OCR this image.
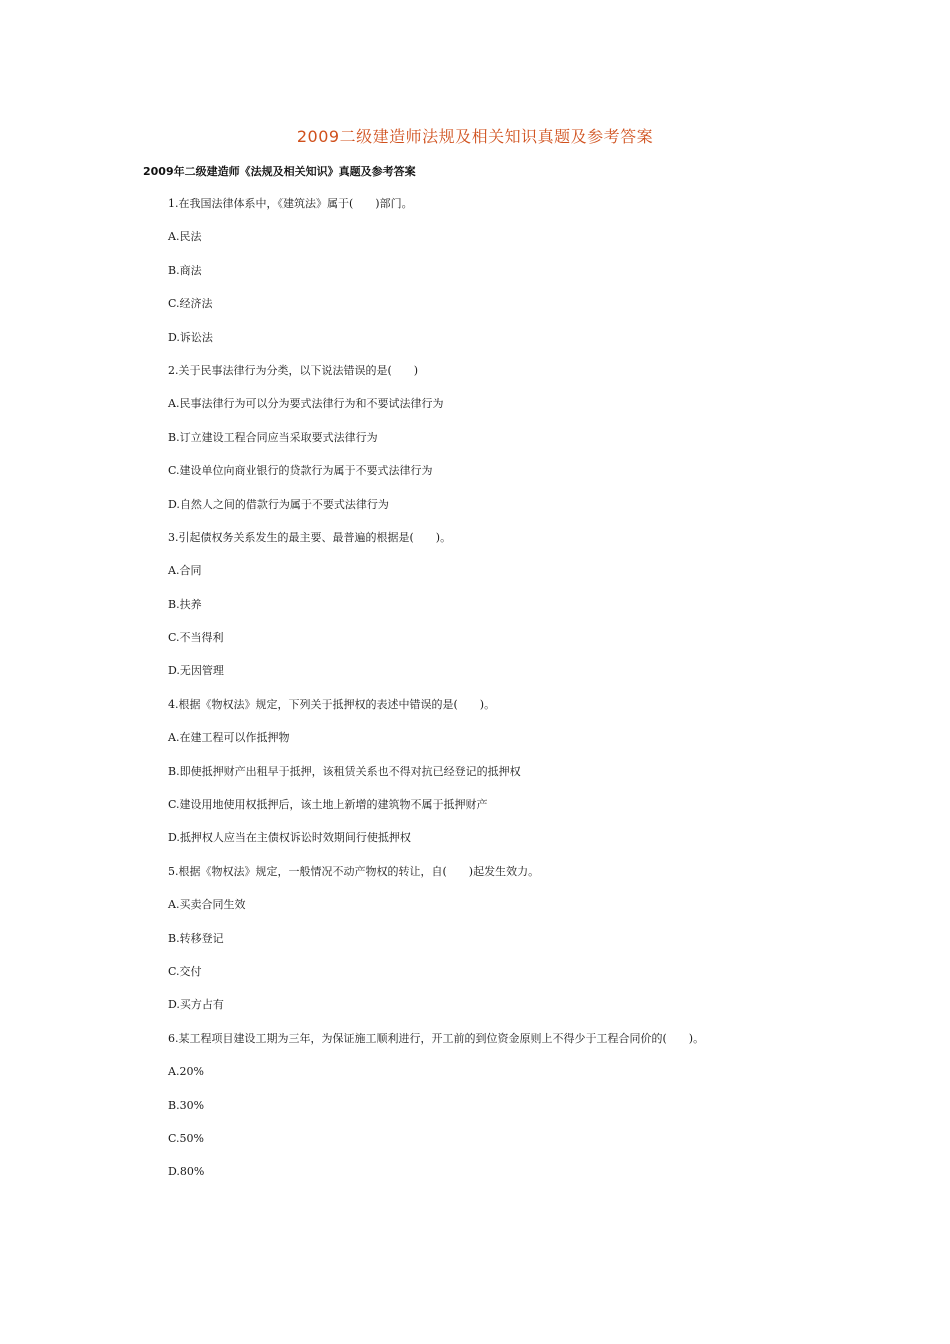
2009二级建造师法规及相关知识真题及参考答案
2009年二级建造师《法规及相关知识》真题及参考答案
1.在我国法律体系中，《建筑法》属于(　　)部门。
A.民法
B.商法
C.经济法
D.诉讼法
2.关于民事法律行为分类，以下说法错误的是(　　)
A.民事法律行为可以分为要式法律行为和不要试法律行为
B.订立建设工程合同应当采取要式法律行为
C.建设单位向商业银行的贷款行为属于不要式法律行为
D.自然人之间的借款行为属于不要式法律行为
3.引起债权务关系发生的最主要、最普遍的根据是(　　)。
A.合同
B.扶养
C.不当得利
D.无因管理
4.根据《物权法》规定，下列关于抵押权的表述中错误的是(　　)。
A.在建工程可以作抵押物
B.即使抵押财产出租早于抵押，该租赁关系也不得对抗已经登记的抵押权
C.建设用地使用权抵押后，该土地上新增的建筑物不属于抵押财产
D.抵押权人应当在主债权诉讼时效期间行使抵押权
5.根据《物权法》规定，一般情况不动产物权的转让，自(　　)起发生效力。
A.买卖合同生效
B.转移登记
C.交付
D.买方占有
6.某工程项目建设工期为三年，为保证施工顺利进行，开工前的到位资金原则上不得少于工程合同价的(　　)。
A.20%
B.30%
C.50%
D.80%
